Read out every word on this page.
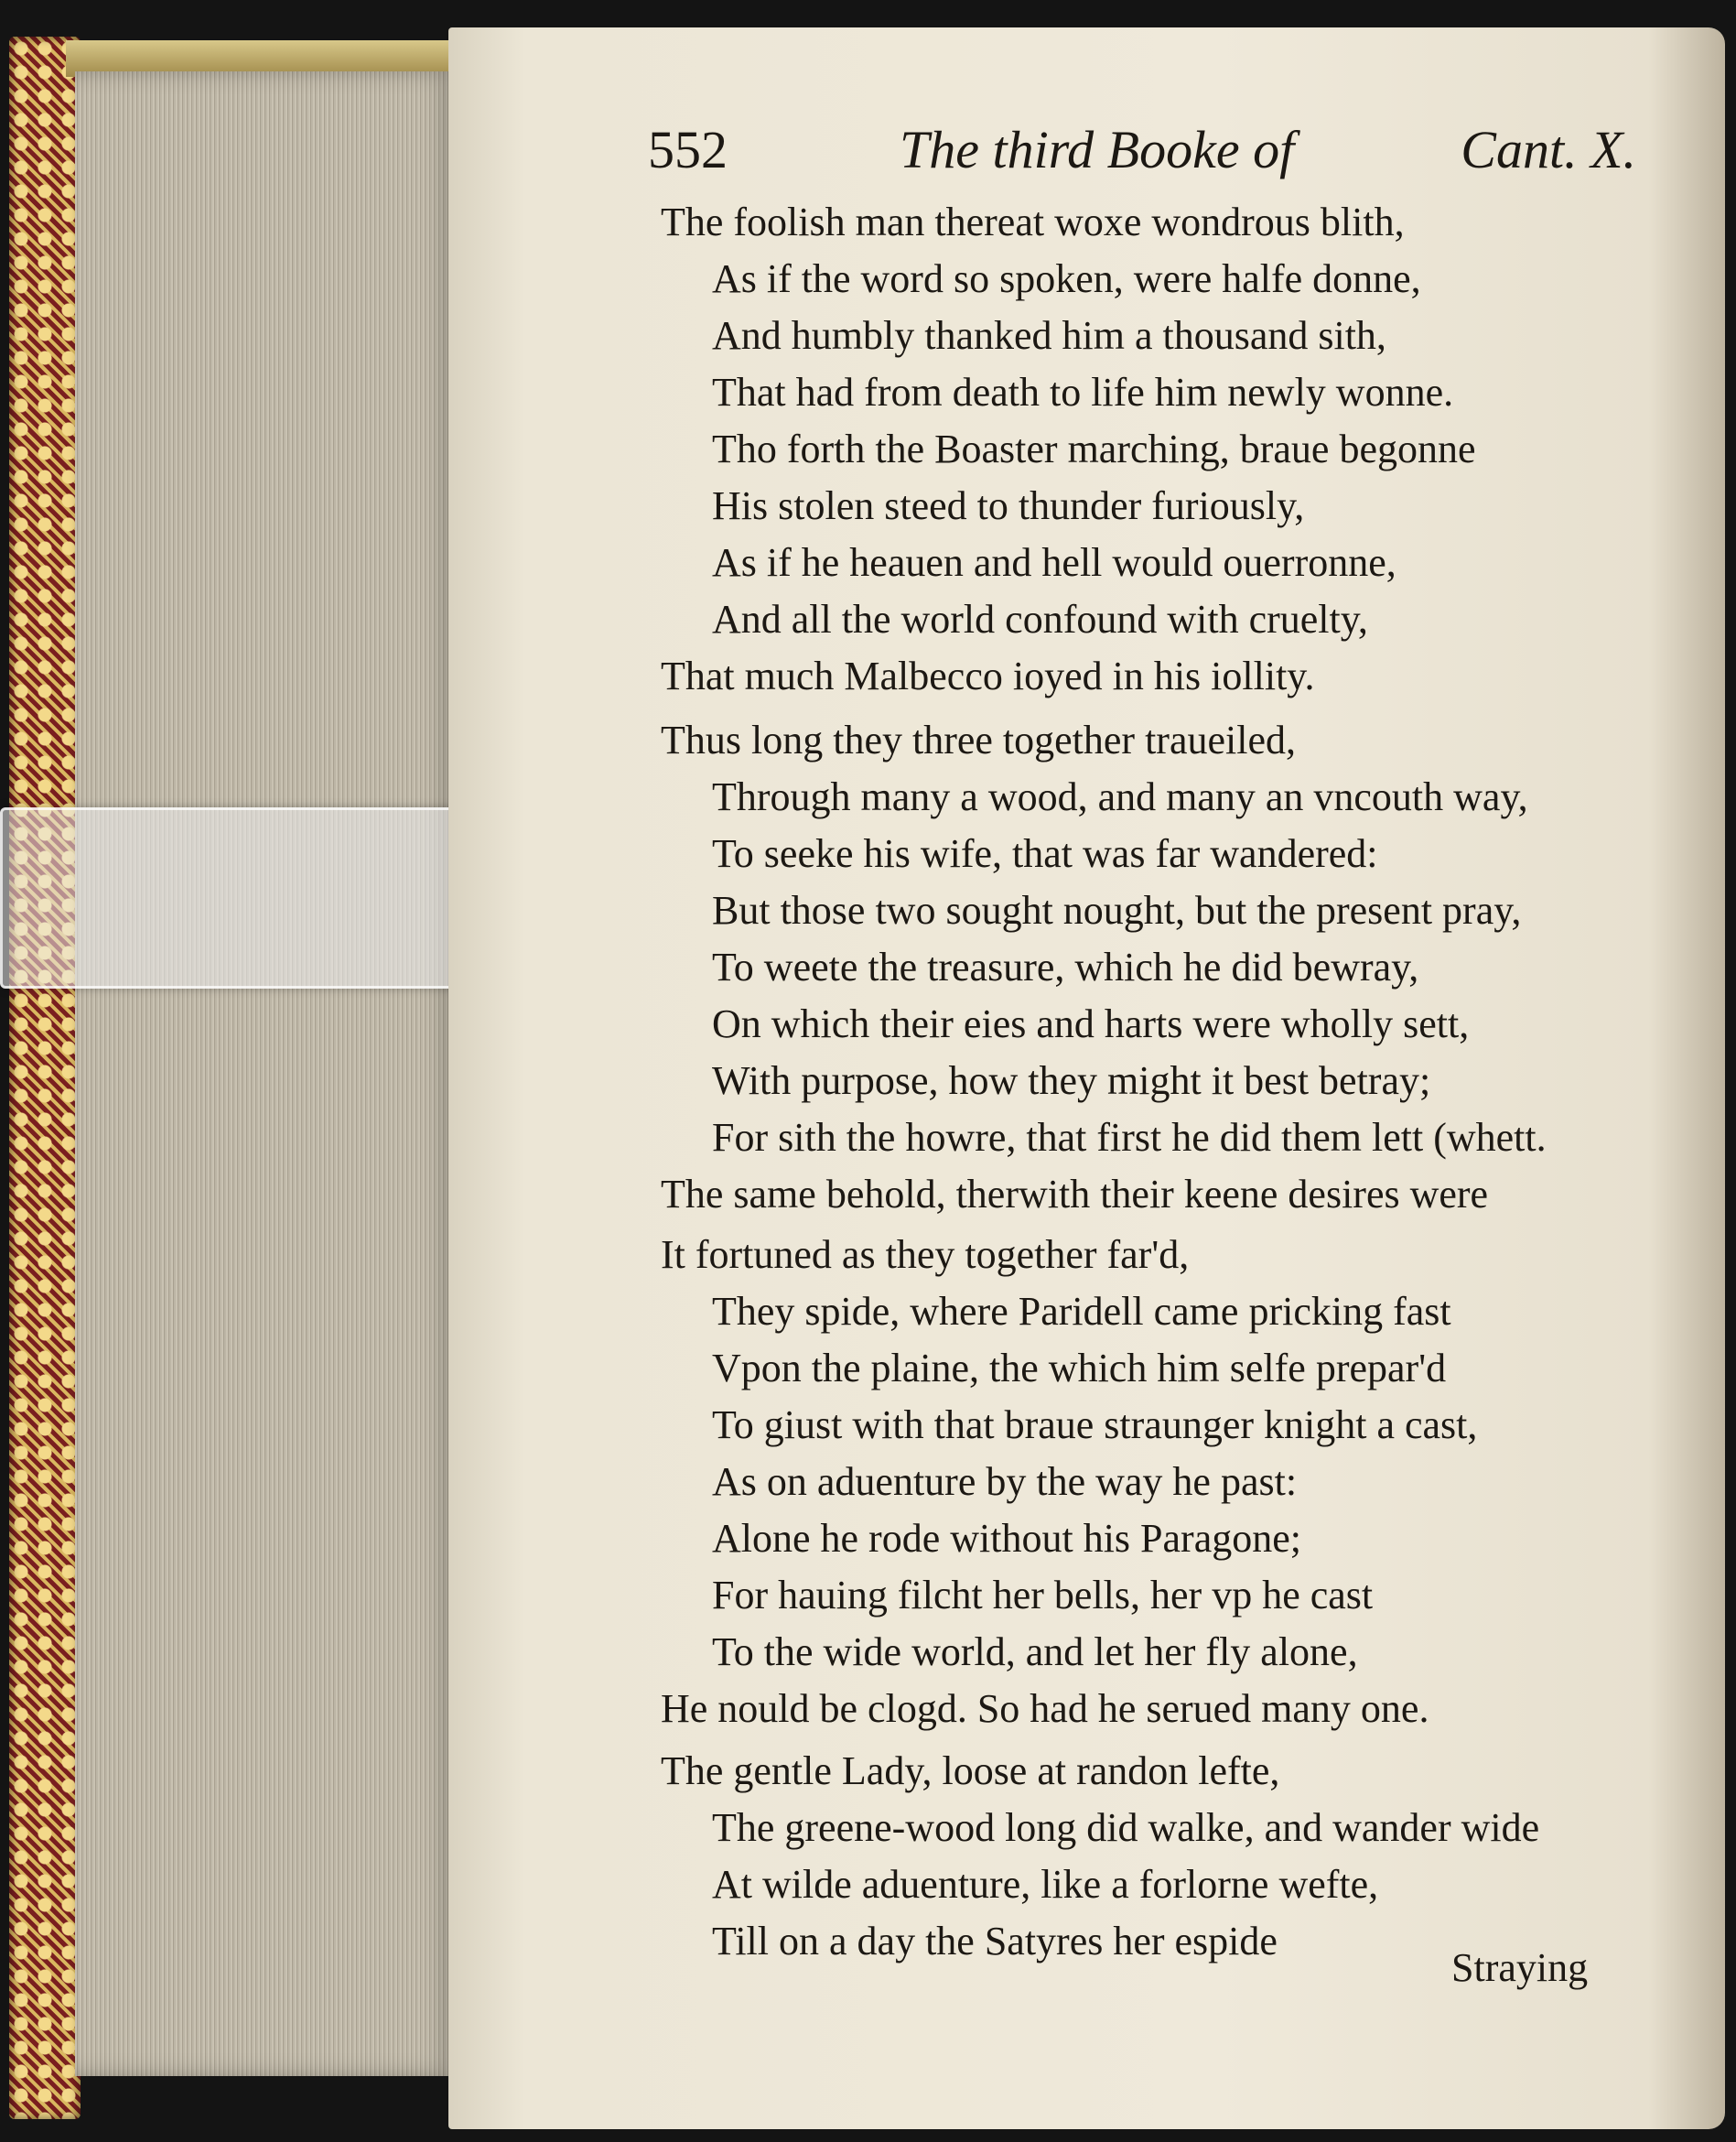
552	The third Booke of	Cant. X.
The foolish man thereat woxe wondrous blith,
As if the word so spoken, were halfe donne,
And humbly thanked him a thousand sith,
That had from death to life him newly wonne.
Tho forth the Boaster marching, braue begonne
His stolen steed to thunder furiously,
As if he heauen and hell would ouerronne,
And all the world confound with cruelty,
That much Malbecco ioyed in his iollity.
Thus long they three together traueiled,
Through many a wood, and many an vncouth way,
To seeke his wife, that was far wandered:
But those two sought nought, but the present pray,
To weete the treasure, which he did bewray,
On which their eies and harts were wholly sett,
With purpose, how they might it best betray;
For sith the howre, that first he did them lett (whett.
The same behold, therwith their keene desires were
It fortuned as they together far'd,
They spide, where Paridell came pricking fast
Vpon the plaine, the which him selfe prepar'd
To giust with that braue straunger knight a cast,
As on aduenture by the way he past:
Alone he rode without his Paragone;
For hauing filcht her bells, her vp he cast
To the wide world, and let her fly alone,
He nould be clogd. So had he serued many one.
The gentle Lady, loose at randon lefte,
The greene-wood long did walke, and wander wide
At wilde aduenture, like a forlorne wefte,
Till on a day the Satyres her espide
Straying
